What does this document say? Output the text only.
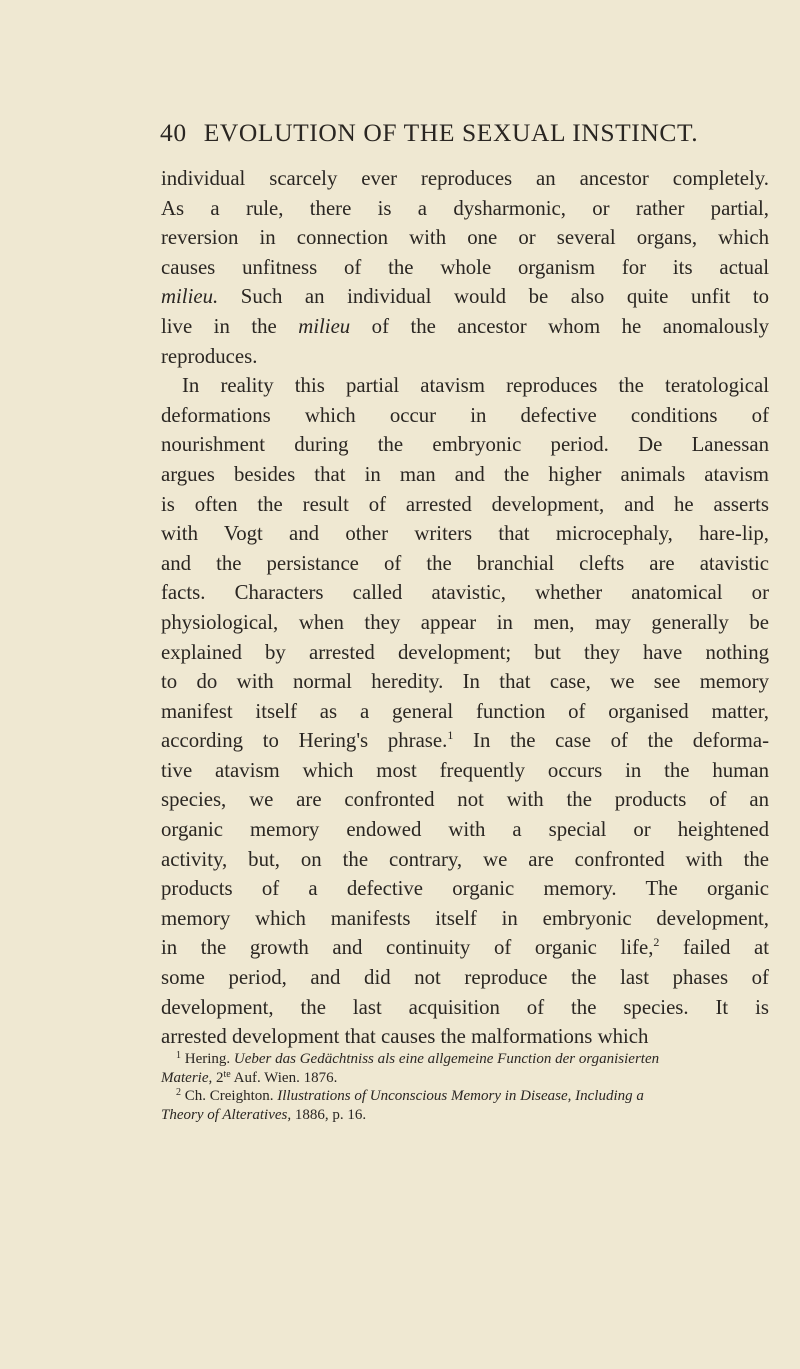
40 EVOLUTION OF THE SEXUAL INSTINCT.
individual scarcely ever reproduces an ancestor completely.
As a rule, there is a dysharmonic, or rather partial,
reversion in connection with one or several organs, which
causes unfitness of the whole organism for its actual
milieu. Such an individual would be also quite unfit to
live in the milieu of the ancestor whom he anomalously
reproduces.
In reality this partial atavism reproduces the teratological
deformations which occur in defective conditions of
nourishment during the embryonic period. De Lanessan
argues besides that in man and the higher animals atavism
is often the result of arrested development, and he asserts
with Vogt and other writers that microcephaly, hare-lip,
and the persistance of the branchial clefts are atavistic
facts. Characters called atavistic, whether anatomical or
physiological, when they appear in men, may generally be
explained by arrested development; but they have nothing
to do with normal heredity. In that case, we see memory
manifest itself as a general function of organised matter,
according to Hering's phrase.$^1$ In the case of the deforma-
tive atavism which most frequently occurs in the human
species, we are confronted not with the products of an
organic memory endowed with a special or heightened
activity, but, on the contrary, we are confronted with the
products of a defective organic memory. The organic
memory which manifests itself in embryonic development,
in the growth and continuity of organic life,$^2$ failed at
some period, and did not reproduce the last phases of
development, the last acquisition of the species. It is
arrested development that causes the malformations which
$^1$ Hering. Ueber das Gedächtniss als eine allgemeine Function der organisierten
Materie, $2^{te}$ Auf. Wien. 1876.
$^2$ Ch. Creighton. Illustrations of Unconscious Memory in Disease, Including a
Theory of Alteratives, 1886, p. 16.
